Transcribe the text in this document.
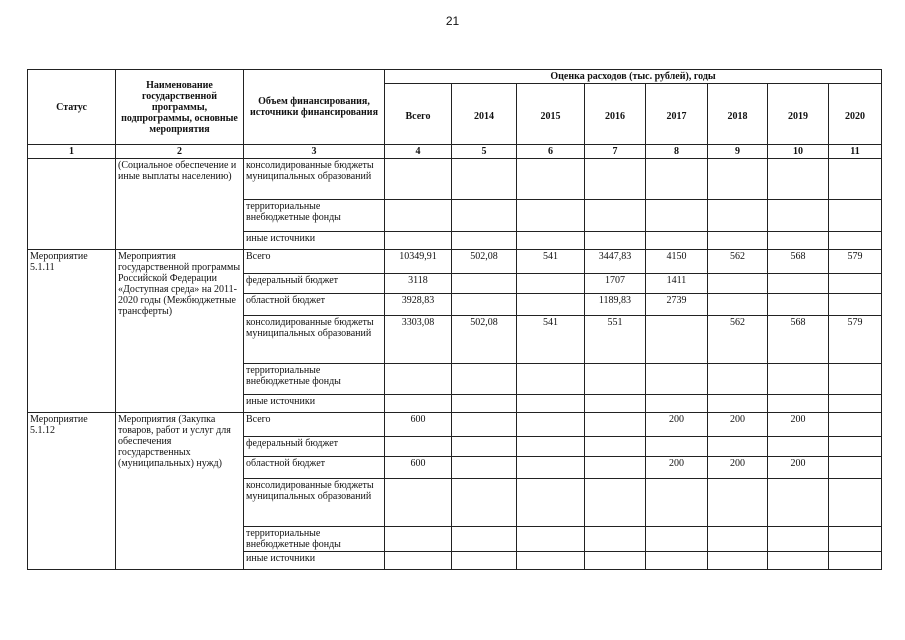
21
Статус	Наименование государственной программы, подпрограммы, основные мероприятия	Объем финансирования, источники финансирования	Оценка расходов (тыс. рублей), годы							
			Всего	2014	2015	2016	2017	2018	2019	2020
1	2	3	4	5	6	7	8	9	10	11
	(Социальное обеспечение и иные выплаты населению)	консолидированные бюджеты муниципальных образований								
		территориальные внебюджетные фонды								
		иные источники								
Мероприятие 5.1.11	Мероприятия государственной программы Российской Федерации «Доступная среда» на 2011-2020 годы (Межбюджетные трансферты)	Всего	10349,91	502,08	541	3447,83	4150	562	568	579
		федеральный бюджет	3118			1707	1411			
		областной бюджет	3928,83			1189,83	2739			
		консолидированные бюджеты муниципальных образований	3303,08	502,08	541	551		562	568	579
		территориальные внебюджетные фонды								
		иные источники								
Мероприятие 5.1.12	Мероприятия (Закупка товаров, работ и услуг для обеспечения государственных (муниципальных) нужд)	Всего	600				200	200	200	
		федеральный бюджет								
		областной бюджет	600				200	200	200	
		консолидированные бюджеты муниципальных образований								
		территориальные внебюджетные фонды								
		иные источники								
